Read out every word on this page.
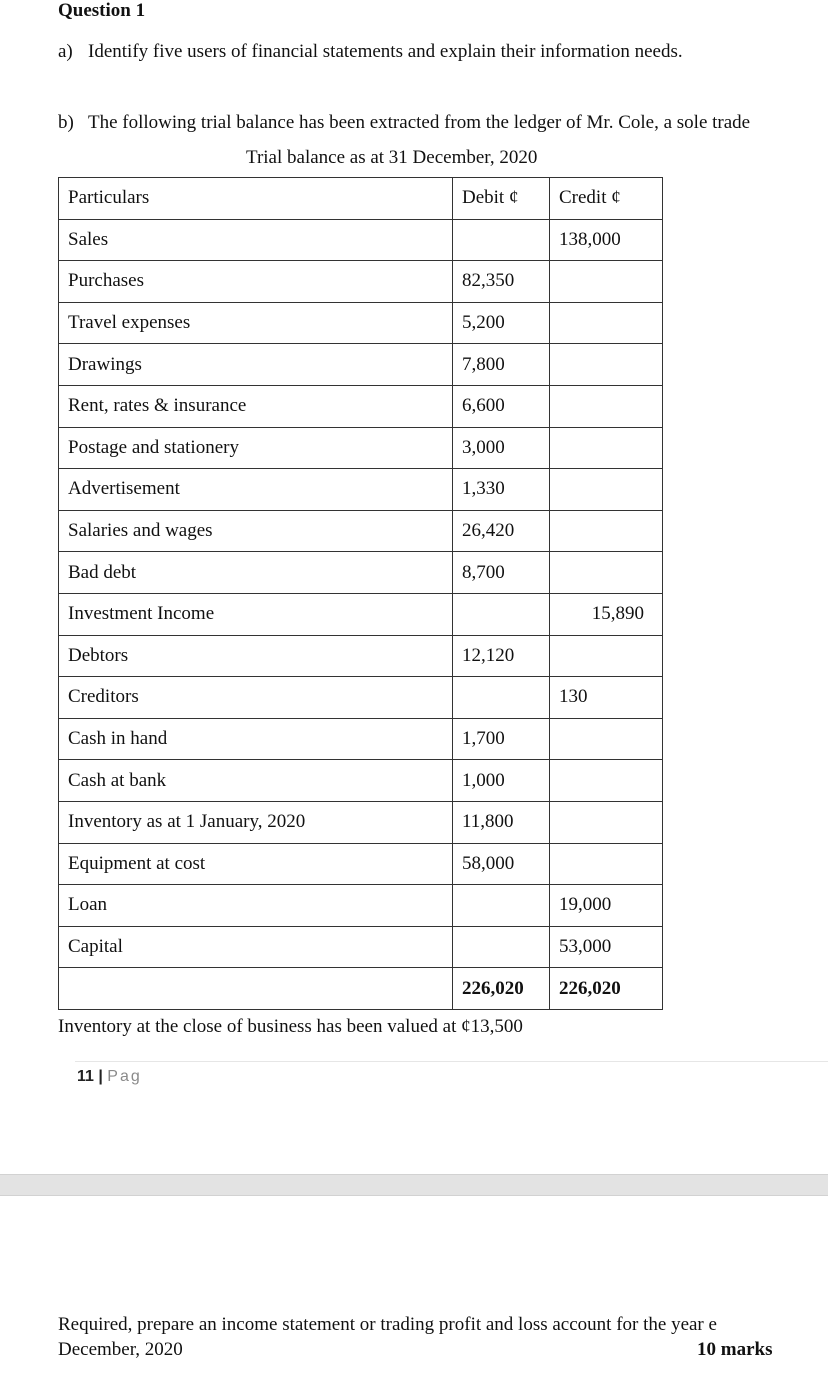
Question 1
a) Identify five users of financial statements and explain their information needs.
b) The following trial balance has been extracted from the ledger of Mr. Cole, a sole trade
Trial balance as at 31 December, 2020
Particulars	Debit ¢	Credit ¢
Sales		138,000
Purchases	82,350	
Travel expenses	5,200	
Drawings	7,800	
Rent, rates & insurance	6,600	
Postage and stationery	3,000	
Advertisement	1,330	
Salaries and wages	26,420	
Bad debt	8,700	
Investment Income		15,890
Debtors	12,120	
Creditors		130
Cash in hand	1,700	
Cash at bank	1,000	
Inventory as at 1 January, 2020	11,800	
Equipment at cost	58,000	
Loan		19,000
Capital		53,000
	226,020	226,020
Inventory at the close of business has been valued at ¢13,500
11 | Pag
Required, prepare an income statement or trading profit and loss account for the year e
December, 2020	10 marks
